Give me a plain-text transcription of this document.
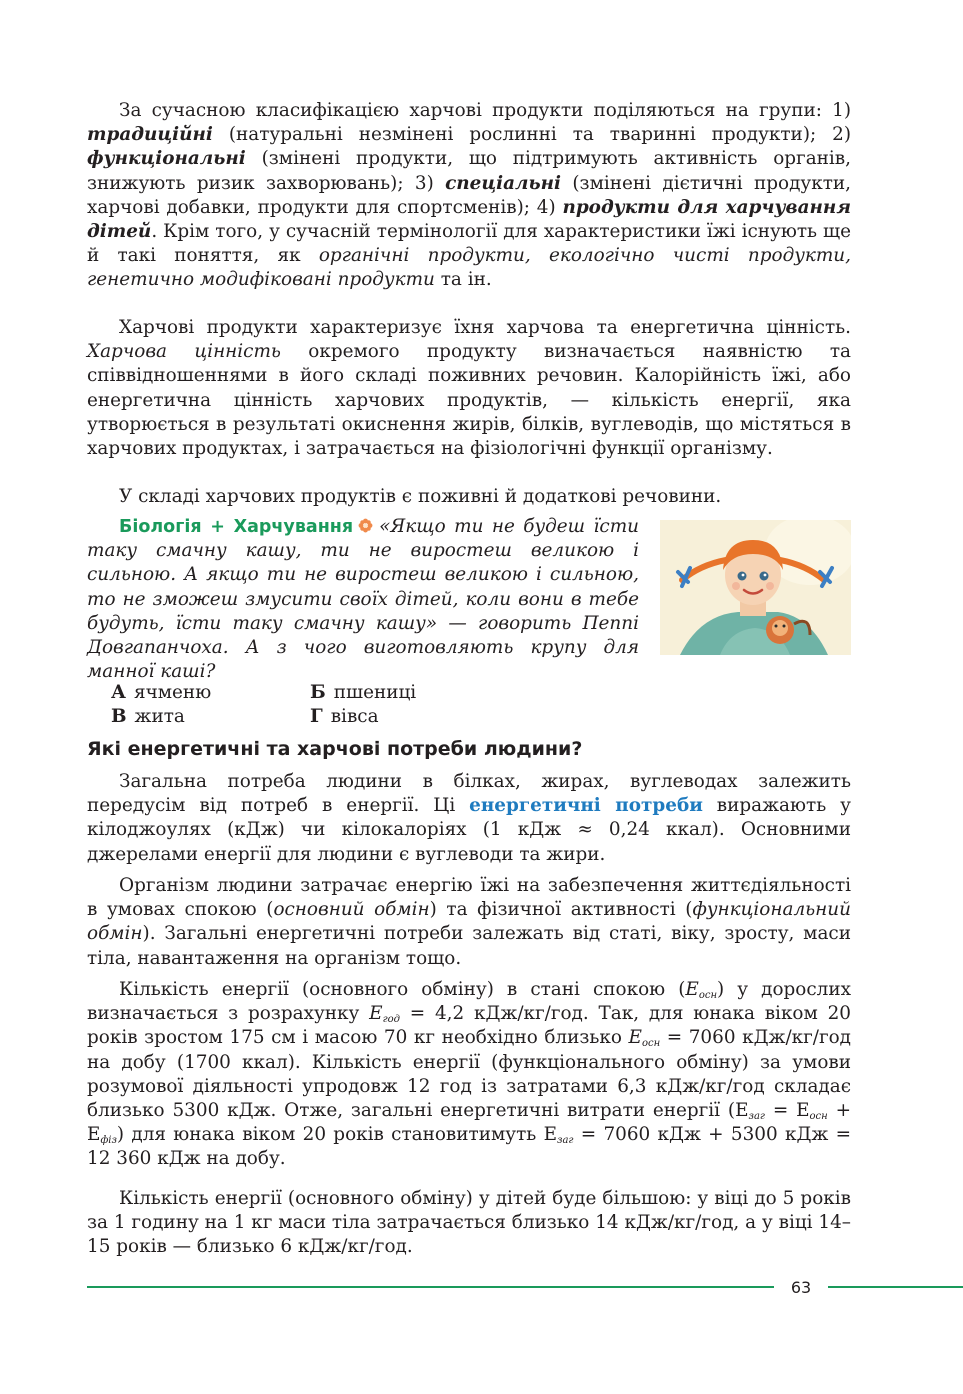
За сучасною класифікацією харчові продукти поділяються на групи: 1) традиційні (натуральні незмінені рослинні та тваринні продукти); 2) функціональні (змінені продукти, що підтримують активність органів, знижують ризик захворювань); 3) спеціальні (змінені дієтичні продукти, харчові добавки, продукти для спортсменів); 4) продукти для харчування дітей. Крім того, у сучасній термінології для характеристики їжі існують ще й такі поняття, як органічні продукти, екологічно чисті продукти, генетично модифіковані продукти та ін.

Харчові продукти характеризує їхня харчова та енергетична цінність. Харчова цінність окремого продукту визначається наявністю та співвідношеннями в його складі поживних речовин. Калорійність їжі, або енергетична цінність харчових продуктів, — кількість енергії, яка утворюється в результаті окиснення жирів, білків, вуглеводів, що містяться в харчових продуктах, і затрачається на фізіологічні функції організму.

У складі харчових продуктів є поживні й додаткові речовини.

Біологія + Харчування «Якщо ти не будеш їсти таку смачну кашу, ти не виростеш великою і сильною. А якщо ти не виростеш великою і сильною, то не зможеш змусити своїх дітей, коли вони в тебе будуть, їсти таку смачну кашу» — говорить Пеппі Довгапанчоха. А з чого виготовляють крупу для манної каші?

А ячменю	Б пшениці
В жита	Г вівса
Які енергетичні та харчові потреби людини?

Загальна потреба людини в білках, жирах, вуглеводах залежить передусім від потреб в енергії. Ці енергетичні потреби виражають у кілоджоулях (кДж) чи кілокалоріях (1 кДж ≈ 0,24 ккал). Основними джерелами енергії для людини є вуглеводи та жири.

Організм людини затрачає енергію їжі на забезпечення життєдіяльності в умовах спокою (основний обмін) та фізичної активності (функціональний обмін). Загальні енергетичні потреби залежать від статі, віку, зросту, маси тіла, навантаження на організм тощо.

Кількість енергії (основного обміну) в стані спокою $(E_{осн})$ у дорослих визначається з розрахунку $E_{год} = 4,2$ кДж/кг/год. Так, для юнака віком 20 років зростом 175 см і масою 70 кг необхідно близько $E_{осн} = 7060$ кДж/кг/год на добу (1700 ккал). Кількість енергії (функціонального обміну) за умови розумової діяльності упродовж 12 год із затратами 6,3 кДж/кг/год складає близько 5300 кДж. Отже, загальні енергетичні витрати енергії $(E_{заг} = E_{осн} + E_{фіз})$ для юнака віком 20 років становитимуть $E_{заг} = 7060$ кДж + 5300 кДж = 12 360 кДж на добу.

Кількість енергії (основного обміну) у дітей буде більшою: у віці до 5 років за 1 годину на 1 кг маси тіла затрачається близько 14 кДж/кг/год, а у віці 14–15 років — близько 6 кДж/кг/год.

63
